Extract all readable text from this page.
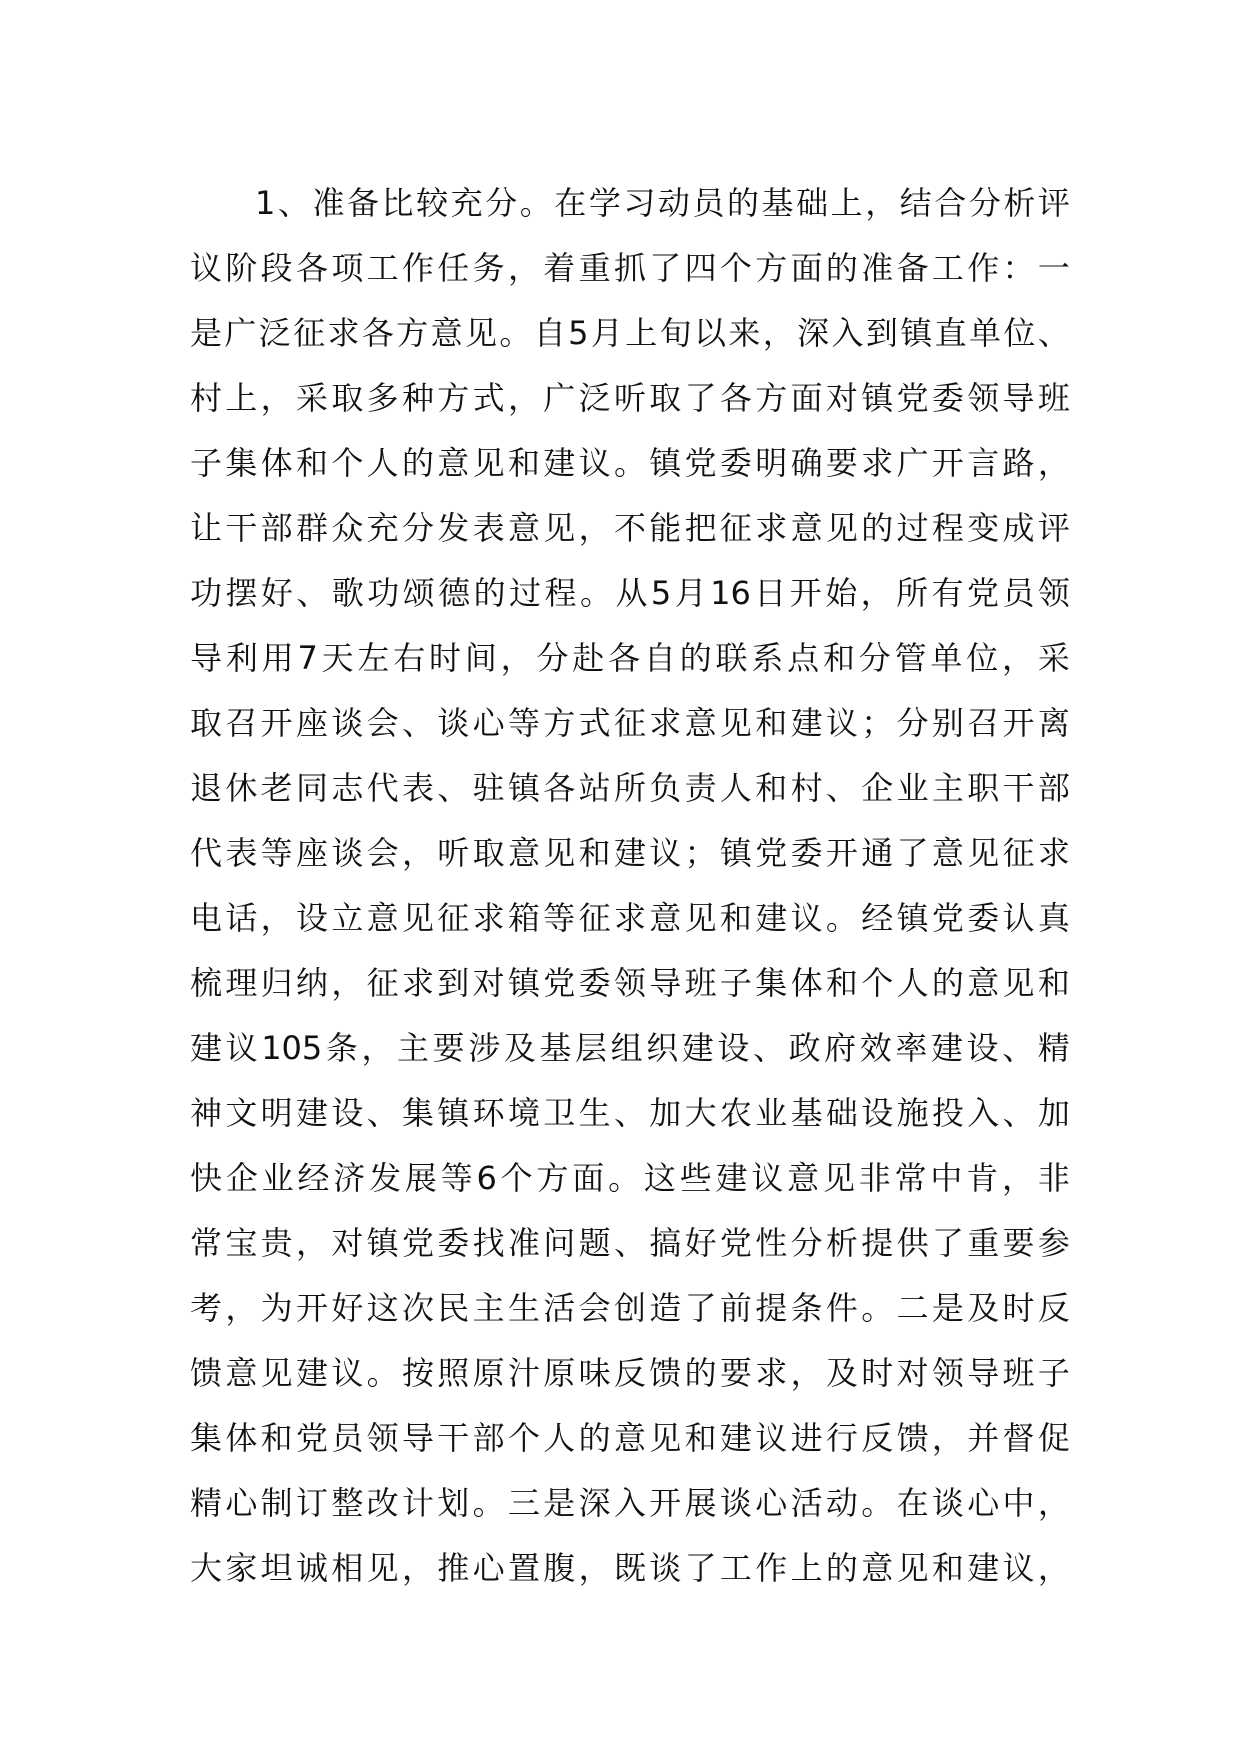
1 、 准 备 比 较 充 分 。 在 学 习 动 员 的 基 础 上 ， 结 合 分 析 评
议 阶 段 各 项 工 作 任 务 ， 着 重 抓 了 四 个 方 面 的 准 备 工 作 ： 一
是 广 泛 征 求 各 方 意 见 。 自 5 月 上 旬 以 来 ， 深 入 到 镇 直 单 位 、
村 上 ， 采 取 多 种 方 式 ， 广 泛 听 取 了 各 方 面 对 镇 党 委 领 导 班
子 集 体 和 个 人 的 意 见 和 建 议 。 镇 党 委 明 确 要 求 广 开 言 路 ，
让 干 部 群 众 充 分 发 表 意 见 ， 不 能 把 征 求 意 见 的 过 程 变 成 评
功 摆 好 、 歌 功 颂 德 的 过 程 。 从 5 月 16 日 开 始 ， 所 有 党 员 领
导 利 用 7 天 左 右 时 间 ， 分 赴 各 自 的 联 系 点 和 分 管 单 位 ， 采
取 召 开 座 谈 会 、 谈 心 等 方 式 征 求 意 见 和 建 议 ； 分 别 召 开 离
退 休 老 同 志 代 表 、 驻 镇 各 站 所 负 责 人 和 村 、 企 业 主 职 干 部
代 表 等 座 谈 会 ， 听 取 意 见 和 建 议 ； 镇 党 委 开 通 了 意 见 征 求
电 话 ， 设 立 意 见 征 求 箱 等 征 求 意 见 和 建 议 。 经 镇 党 委 认 真
梳 理 归 纳 ， 征 求 到 对 镇 党 委 领 导 班 子 集 体 和 个 人 的 意 见 和
建 议 105 条 ， 主 要 涉 及 基 层 组 织 建 设 、 政 府 效 率 建 设 、 精
神 文 明 建 设 、 集 镇 环 境 卫 生 、 加 大 农 业 基 础 设 施 投 入 、 加
快 企 业 经 济 发 展 等 6 个 方 面 。 这 些 建 议 意 见 非 常 中 肯 ， 非
常 宝 贵 ， 对 镇 党 委 找 准 问 题 、 搞 好 党 性 分 析 提 供 了 重 要 参
考 ， 为 开 好 这 次 民 主 生 活 会 创 造 了 前 提 条 件 。 二 是 及 时 反
馈 意 见 建 议 。 按 照 原 汁 原 味 反 馈 的 要 求 ， 及 时 对 领 导 班 子
集 体 和 党 员 领 导 干 部 个 人 的 意 见 和 建 议 进 行 反 馈 ， 并 督 促
精 心 制 订 整 改 计 划 。 三 是 深 入 开 展 谈 心 活 动 。 在 谈 心 中 ，
大 家 坦 诚 相 见 ， 推 心 置 腹 ， 既 谈 了 工 作 上 的 意 见 和 建 议 ，
